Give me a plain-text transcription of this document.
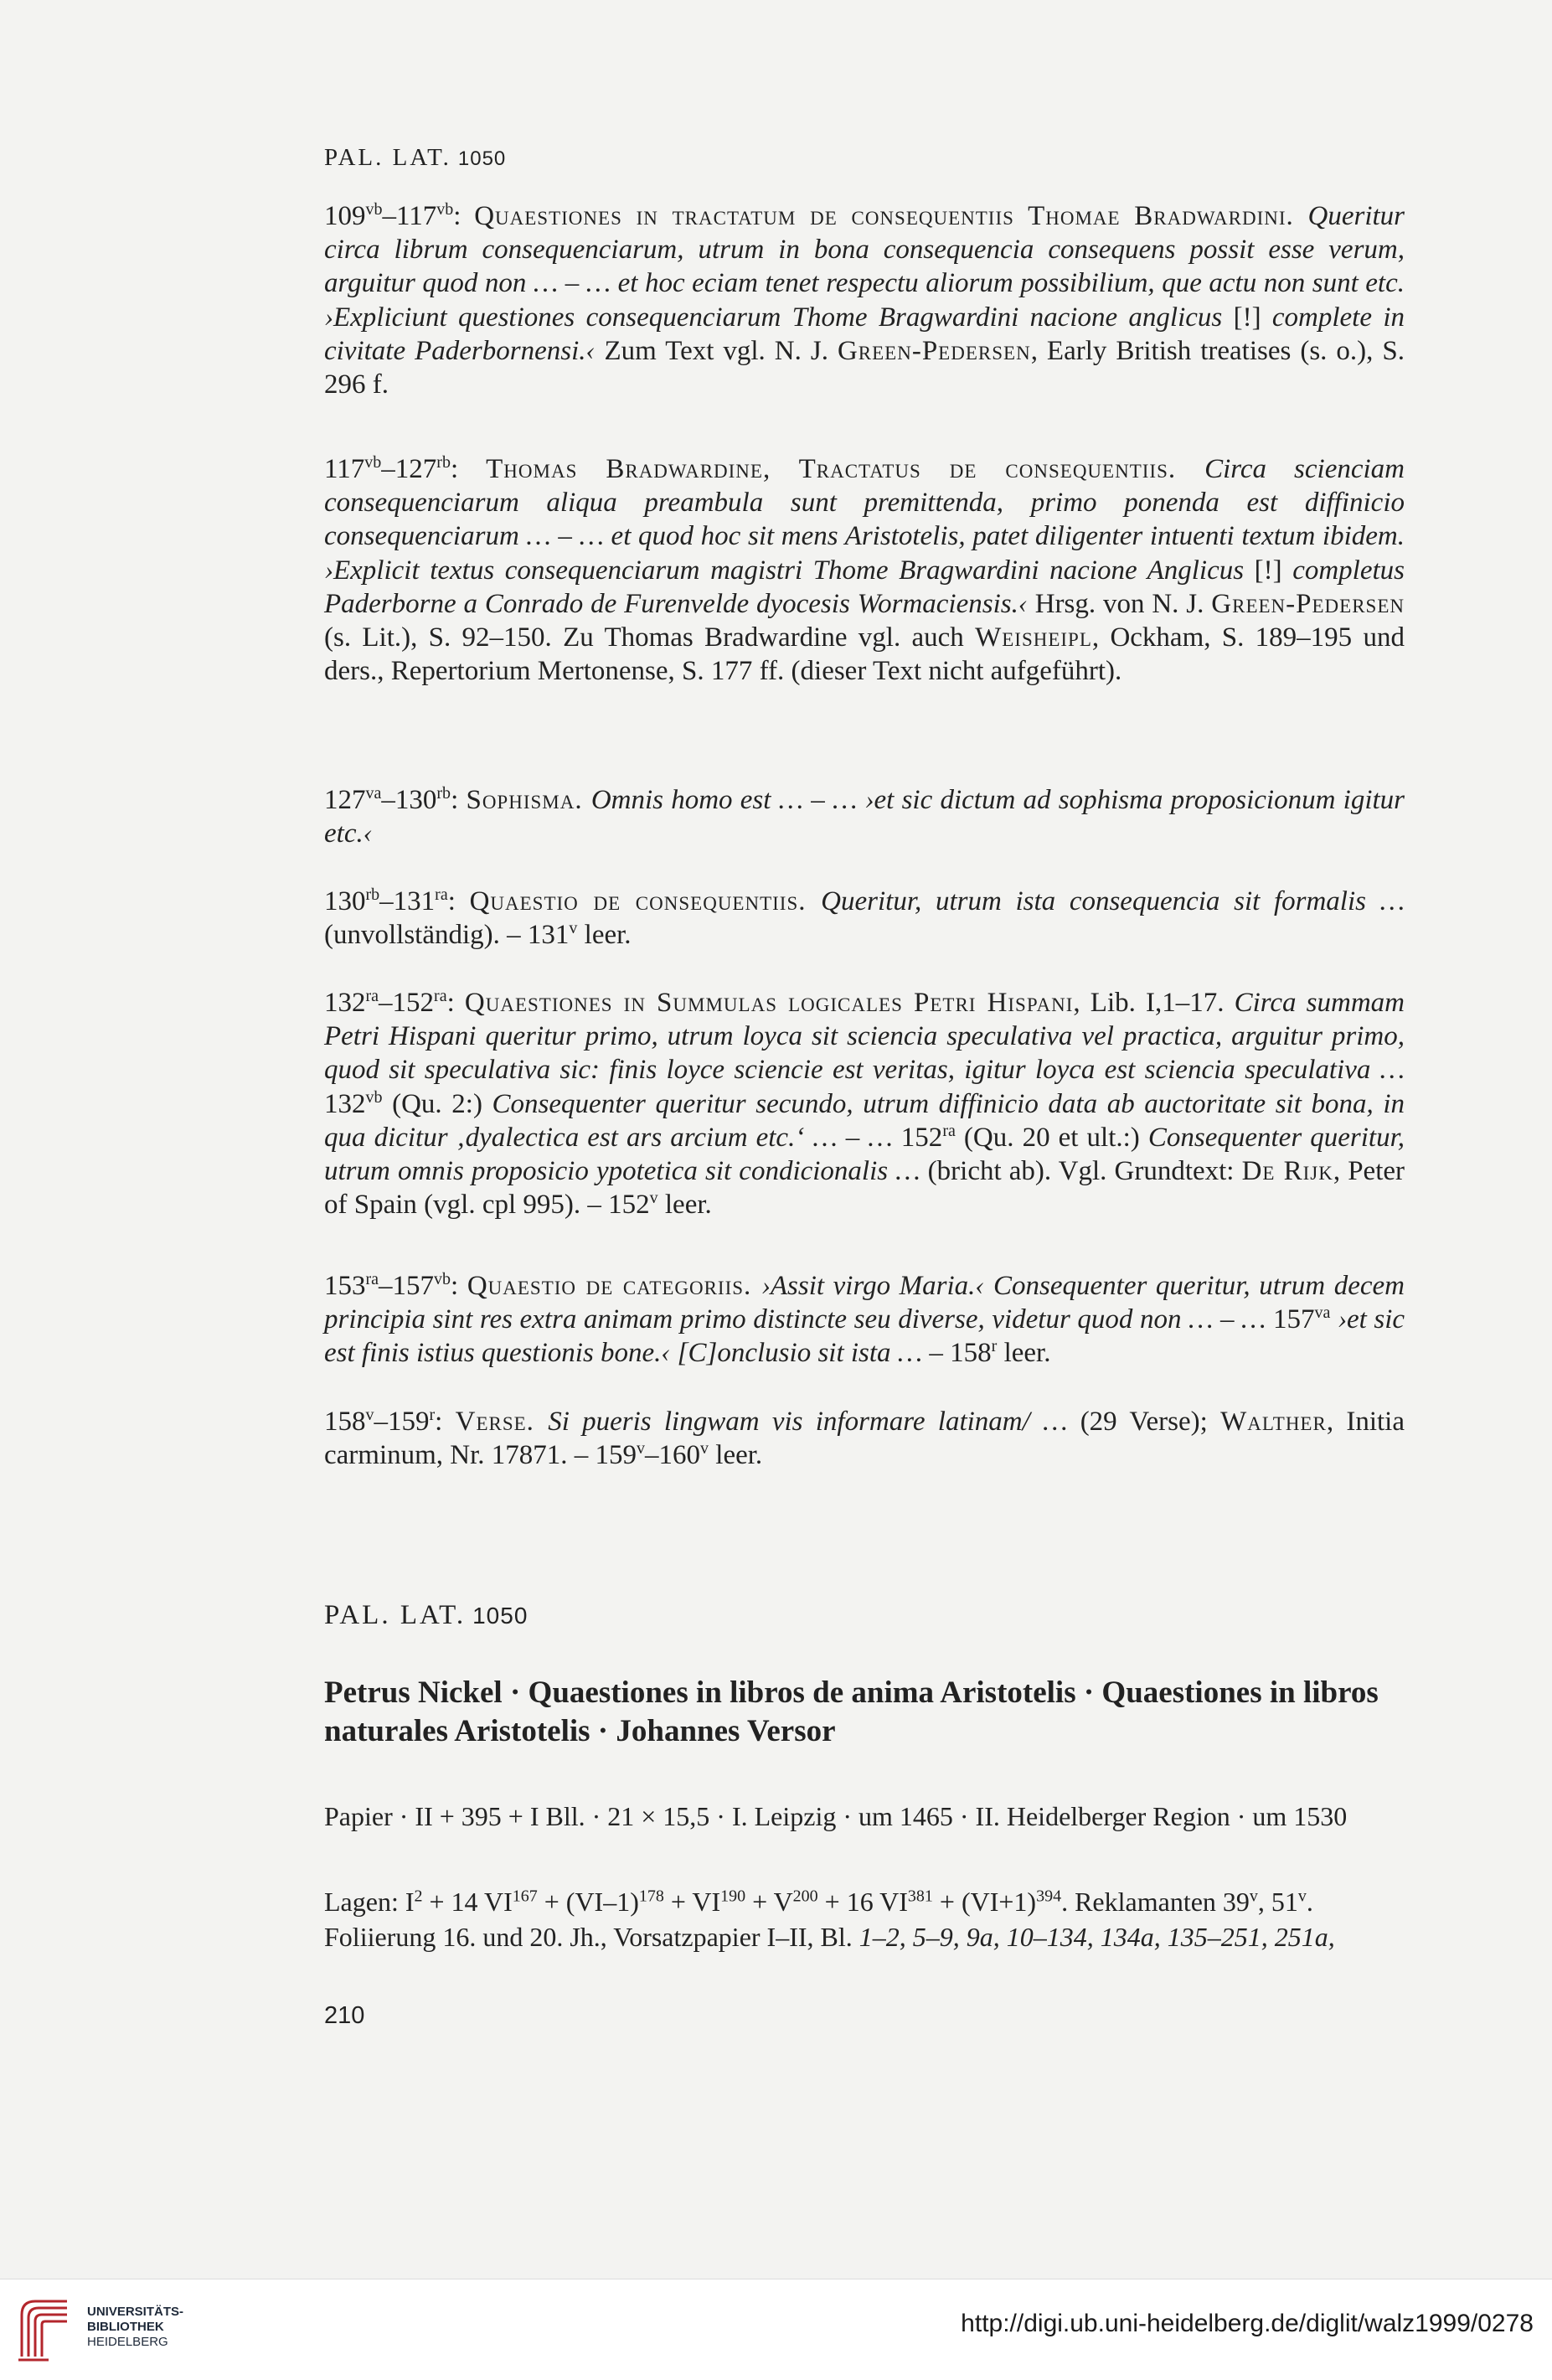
PAL. LAT. 1050

$109^{vb}-117^{vb}$: Quaestiones in tractatum de consequentiis Thomae Bradwardini. Queritur circa librum consequenciarum, utrum in bona consequencia consequens possit esse verum, arguitur quod non … – … et hoc eciam tenet respectu aliorum possibilium, que actu non sunt etc. ›Expliciunt questiones consequenciarum Thome Bragwardini nacione anglicus [!] complete in civitate Paderbornensi.‹ Zum Text vgl. N. J. Green-Pedersen, Early British treatises (s. o.), S. 296 f.

$117^{vb}-127^{rb}$: Thomas Bradwardine, Tractatus de consequentiis. Circa scienciam consequenciarum aliqua preambula sunt premittenda, primo ponenda est diffinicio consequenciarum … – … et quod hoc sit mens Aristotelis, patet diligenter intuenti textum ibidem. ›Explicit textus consequenciarum magistri Thome Bragwardini nacione Anglicus [!] completus Paderborne a Conrado de Furenvelde dyocesis Wormaciensis.‹ Hrsg. von N. J. Green-Pedersen (s. Lit.), S. 92–150. Zu Thomas Bradwardine vgl. auch Weisheipl, Ockham, S. 189–195 und ders., Repertorium Mertonense, S. 177 ff. (dieser Text nicht aufgeführt).

$127^{va}-130^{rb}$: Sophisma. Omnis homo est … – … ›et sic dictum ad sophisma proposicionum igitur etc.‹

$130^{rb}-131^{ra}$: Quaestio de consequentiis. Queritur, utrum ista consequencia sit formalis … (unvollständig). – 131$^v$ leer.

$132^{ra}-152^{ra}$: Quaestiones in Summulas logicales Petri Hispani, Lib. I,1–17. Circa summam Petri Hispani queritur primo, utrum loyca sit sciencia speculativa vel practica, arguitur primo, quod sit speculativa sic: finis loyce sciencie est veritas, igitur loyca est sciencia speculativa … $132^{vb}$ (Qu. 2:) Consequenter queritur secundo, utrum diffinicio data ab auctoritate sit bona, in qua dicitur ‚dyalectica est ars arcium etc.‘ … – … $152^{ra}$ (Qu. 20 et ult.:) Consequenter queritur, utrum omnis proposicio ypotetica sit condicionalis … (bricht ab). Vgl. Grundtext: De Rijk, Peter of Spain (vgl. cpl 995). – 152$^v$ leer.

$153^{ra}-157^{vb}$: Quaestio de categoriis. ›Assit virgo Maria.‹ Consequenter queritur, utrum decem principia sint res extra animam primo distincte seu diverse, videtur quod non … – … $157^{va}$ ›et sic est finis istius questionis bone.‹ [C]onclusio sit ista … – 158$^r$ leer.

158$^v$–159$^r$: Verse. Si pueris lingwam vis informare latinam/ … (29 Verse); Walther, Initia carminum, Nr. 17871. – 159$^v$–160$^v$ leer.

PAL. LAT. 1050
Petrus Nickel · Quaestiones in libros de anima Aristotelis · Quaestiones in libros naturales Aristotelis · Johannes Versor
Papier · II + 395 + I Bll. · 21 × 15,5 · I. Leipzig · um 1465 · II. Heidelberger Region · um 1530
Lagen: $I^2 + 14$ $VI^{167} + (VI-1)^{178} + VI^{190} + V^{200} + 16$ $VI^{381} + (VI+1)^{394}$. Reklamanten 39$^v$, 51$^v$.
Foliierung 16. und 20. Jh., Vorsatzpapier I–II, Bl. 1–2, 5–9, 9a, 10–134, 134a, 135–251, 251a,
210
UNIVERSITÄTS-
BIBLIOTHEK
HEIDELBERG
http://digi.ub.uni-heidelberg.de/diglit/walz1999/0278
